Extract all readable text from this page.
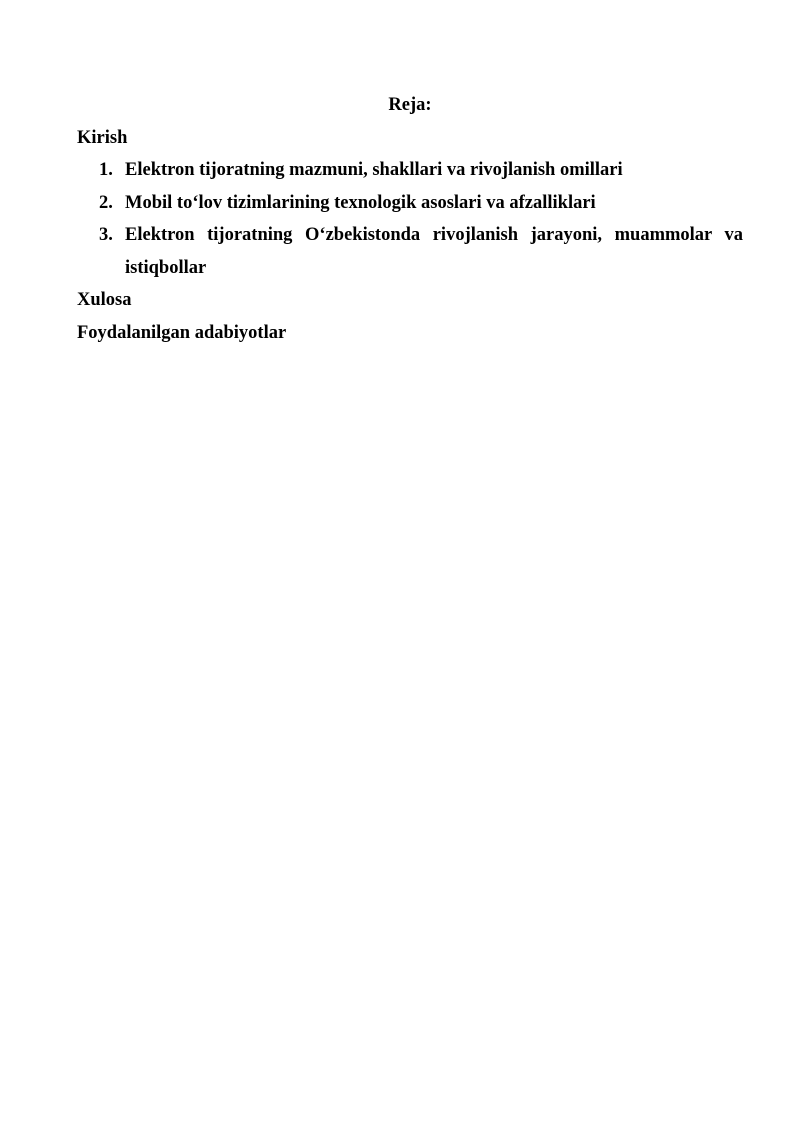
Reja:

Kirish

1. Elektron tijoratning mazmuni, shakllari va rivojlanish omillari
2. Mobil to‘lov tizimlarining texnologik asoslari va afzalliklari
3. Elektron tijoratning O‘zbekistonda rivojlanish jarayoni, muammolar va istiqbollar

Xulosa

Foydalanilgan adabiyotlar
